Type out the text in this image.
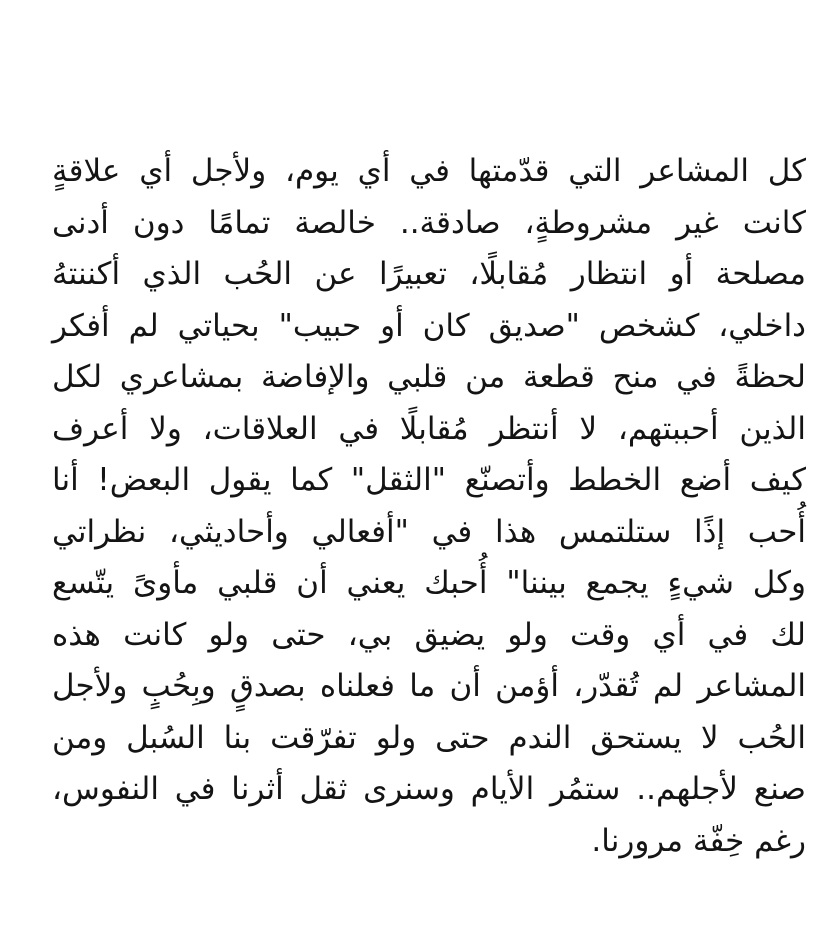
كل المشاعر التي قدّمتها في أي يوم، ولأجل أي علاقةٍ
كانت غير مشروطةٍ، صادقة.. خالصة تمامًا دون أدنى
مصلحة أو انتظار مُقابلًا، تعبيرًا عن الحُب الذي أكننتهُ
داخلي، كشخص "صديق كان أو حبيب" بحياتي لم أفكر
لحظةً في منح قطعة من قلبي والإفاضة بمشاعري لكل
الذين أحببتهم، لا أنتظر مُقابلًا في العلاقات، ولا أعرف
كيف أضع الخطط وأتصنّع "الثقل" كما يقول البعض! أنا
أُحب إذًا ستلتمس هذا في "أفعالي وأحاديثي، نظراتي
وكل شيءٍ يجمع بيننا" أُحبك يعني أن قلبي مأوىً يتّسع
لك في أي وقت ولو يضيق بي، حتى ولو كانت هذه
المشاعر لم تُقدّر، أؤمن أن ما فعلناه بصدقٍ وبِحُبٍ ولأجل
الحُب لا يستحق الندم حتى ولو تفرّقت بنا السُبل ومن
صنع لأجلهم.. ستمُر الأيام وسنرى ثقل أثرنا في النفوس،
رغم خِفّة مرورنا.
